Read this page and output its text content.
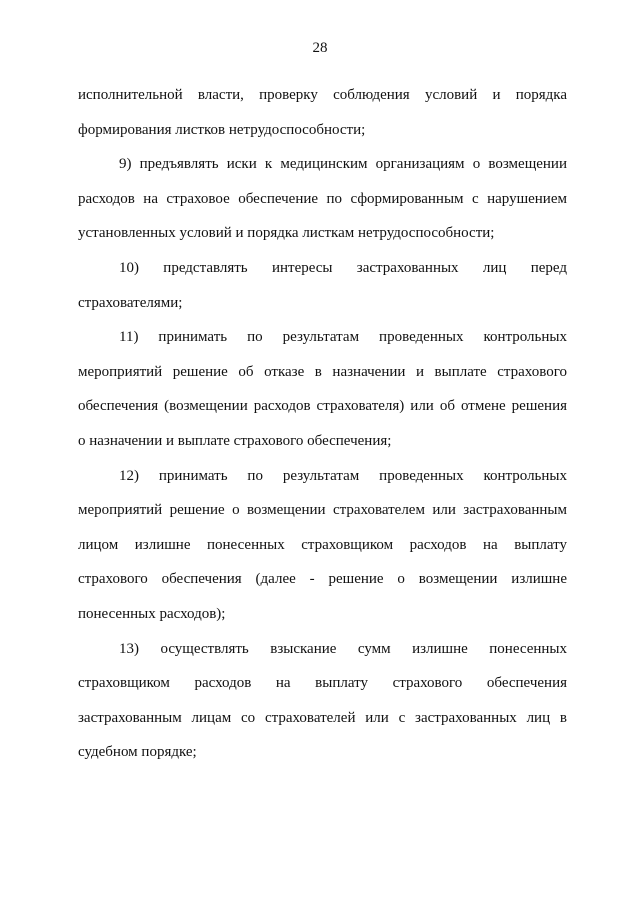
28
исполнительной власти, проверку соблюдения условий и порядка
формирования листков нетрудоспособности;
9) предъявлять иски к медицинским организациям о возмещении
расходов на страховое обеспечение по сформированным с нарушением
установленных условий и порядка листкам нетрудоспособности;
10) представлять интересы застрахованных лиц перед
страхователями;
11) принимать по результатам проведенных контрольных
мероприятий решение об отказе в назначении и выплате страхового
обеспечения (возмещении расходов страхователя) или об отмене решения
о назначении и выплате страхового обеспечения;
12) принимать по результатам проведенных контрольных
мероприятий решение о возмещении страхователем или застрахованным
лицом излишне понесенных страховщиком расходов на выплату
страхового обеспечения (далее - решение о возмещении излишне
понесенных расходов);
13) осуществлять взыскание сумм излишне понесенных
страховщиком расходов на выплату страхового обеспечения
застрахованным лицам со страхователей или с застрахованных лиц в
судебном порядке;
